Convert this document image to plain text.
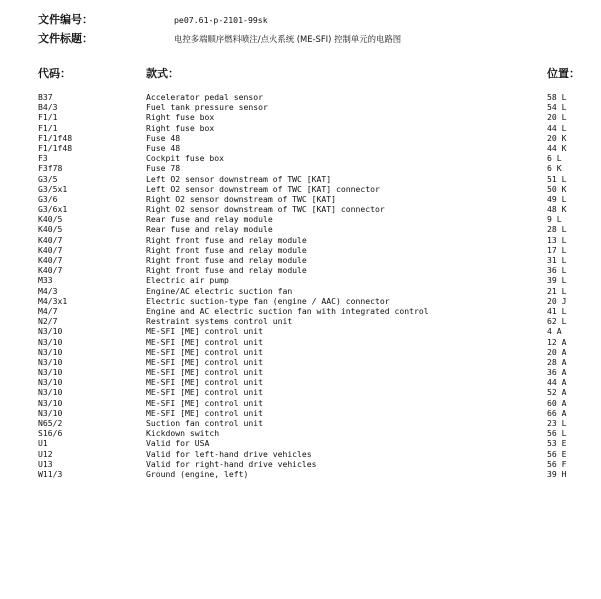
文件编号：	pe07.61-p-2101-99sk
文件标题：	电控多端顺序燃料喷注/点火系统 (ME-SFI) 控制单元的电路图
代码：	款式：	位置：
B37	Accelerator pedal sensor	58 L
B4/3	Fuel tank pressure sensor	54 L
F1/1	Right fuse box	20 L
F1/1	Right fuse box	44 L
F1/1f48	Fuse 48	20 K
F1/1f48	Fuse 48	44 K
F3	Cockpit fuse box	6 L
F3f78	Fuse 78	6 K
G3/5	Left O2 sensor downstream of TWC [KAT]	51 L
G3/5x1	Left O2 sensor downstream of TWC [KAT] connector	50 K
G3/6	Right O2 sensor downstream of TWC [KAT]	49 L
G3/6x1	Right O2 sensor downstream of TWC [KAT] connector	48 K
K40/5	Rear fuse and relay module	9 L
K40/5	Rear fuse and relay module	28 L
K40/7	Right front fuse and relay module	13 L
K40/7	Right front fuse and relay module	17 L
K40/7	Right front fuse and relay module	31 L
K40/7	Right front fuse and relay module	36 L
M33	Electric air pump	39 L
M4/3	Engine/AC electric suction fan	21 L
M4/3x1	Electric suction-type fan (engine / AAC) connector	20 J
M4/7	Engine and AC electric suction fan with integrated control	41 L
N2/7	Restraint systems control unit	62 L
N3/10	ME-SFI [ME] control unit	4 A
N3/10	ME-SFI [ME] control unit	12 A
N3/10	ME-SFI [ME] control unit	20 A
N3/10	ME-SFI [ME] control unit	28 A
N3/10	ME-SFI [ME] control unit	36 A
N3/10	ME-SFI [ME] control unit	44 A
N3/10	ME-SFI [ME] control unit	52 A
N3/10	ME-SFI [ME] control unit	60 A
N3/10	ME-SFI [ME] control unit	66 A
N65/2	Suction fan control unit	23 L
S16/6	Kickdown switch	56 L
U1	Valid for USA	53 E
U12	Valid for left-hand drive vehicles	56 E
U13	Valid for right-hand drive vehicles	56 F
W11/3	Ground (engine, left)	39 H
